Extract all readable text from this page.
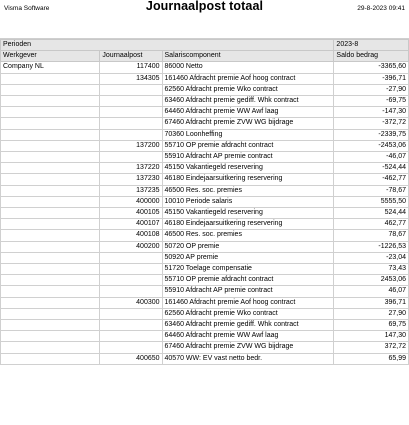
Visma Software	Journaalpost totaal	29-8-2023 09:41
Perioden			2023-8
Werkgever	Journaalpost	Salariscomponent	Saldo bedrag
Company NL	117400	86000 Netto	-3365,60
	134305	161460 Afdracht premie Aof hoog contract	-396,71
		62560 Afdracht premie Wko contract	-27,90
		63460 Afdracht premie gediff. Whk contract	-69,75
		64460 Afdracht premie WW Awf laag	-147,30
		67460 Afdracht premie ZVW WG bijdrage	-372,72
		70360 Loonheffing	-2339,75
	137200	55710 OP premie afdracht contract	-2453,06
		55910 Afdracht AP premie contract	-46,07
	137220	45150 Vakantiegeld reservering	-524,44
	137230	46180 Eindejaarsuitkering reservering	-462,77
	137235	46500 Res. soc. premies	-78,67
	400000	10010 Periode salaris	5555,50
	400105	45150 Vakantiegeld reservering	524,44
	400107	46180 Eindejaarsuitkering reservering	462,77
	400108	46500 Res. soc. premies	78,67
	400200	50720 OP premie	-1226,53
		50920 AP premie	-23,04
		51720 Toelage compensatie	73,43
		55710 OP premie afdracht contract	2453,06
		55910 Afdracht AP premie contract	46,07
	400300	161460 Afdracht premie Aof hoog contract	396,71
		62560 Afdracht premie Wko contract	27,90
		63460 Afdracht premie gediff. Whk contract	69,75
		64460 Afdracht premie WW Awf laag	147,30
		67460 Afdracht premie ZVW WG bijdrage	372,72
	400650	40570 WW: EV vast netto bedr.	65,99
